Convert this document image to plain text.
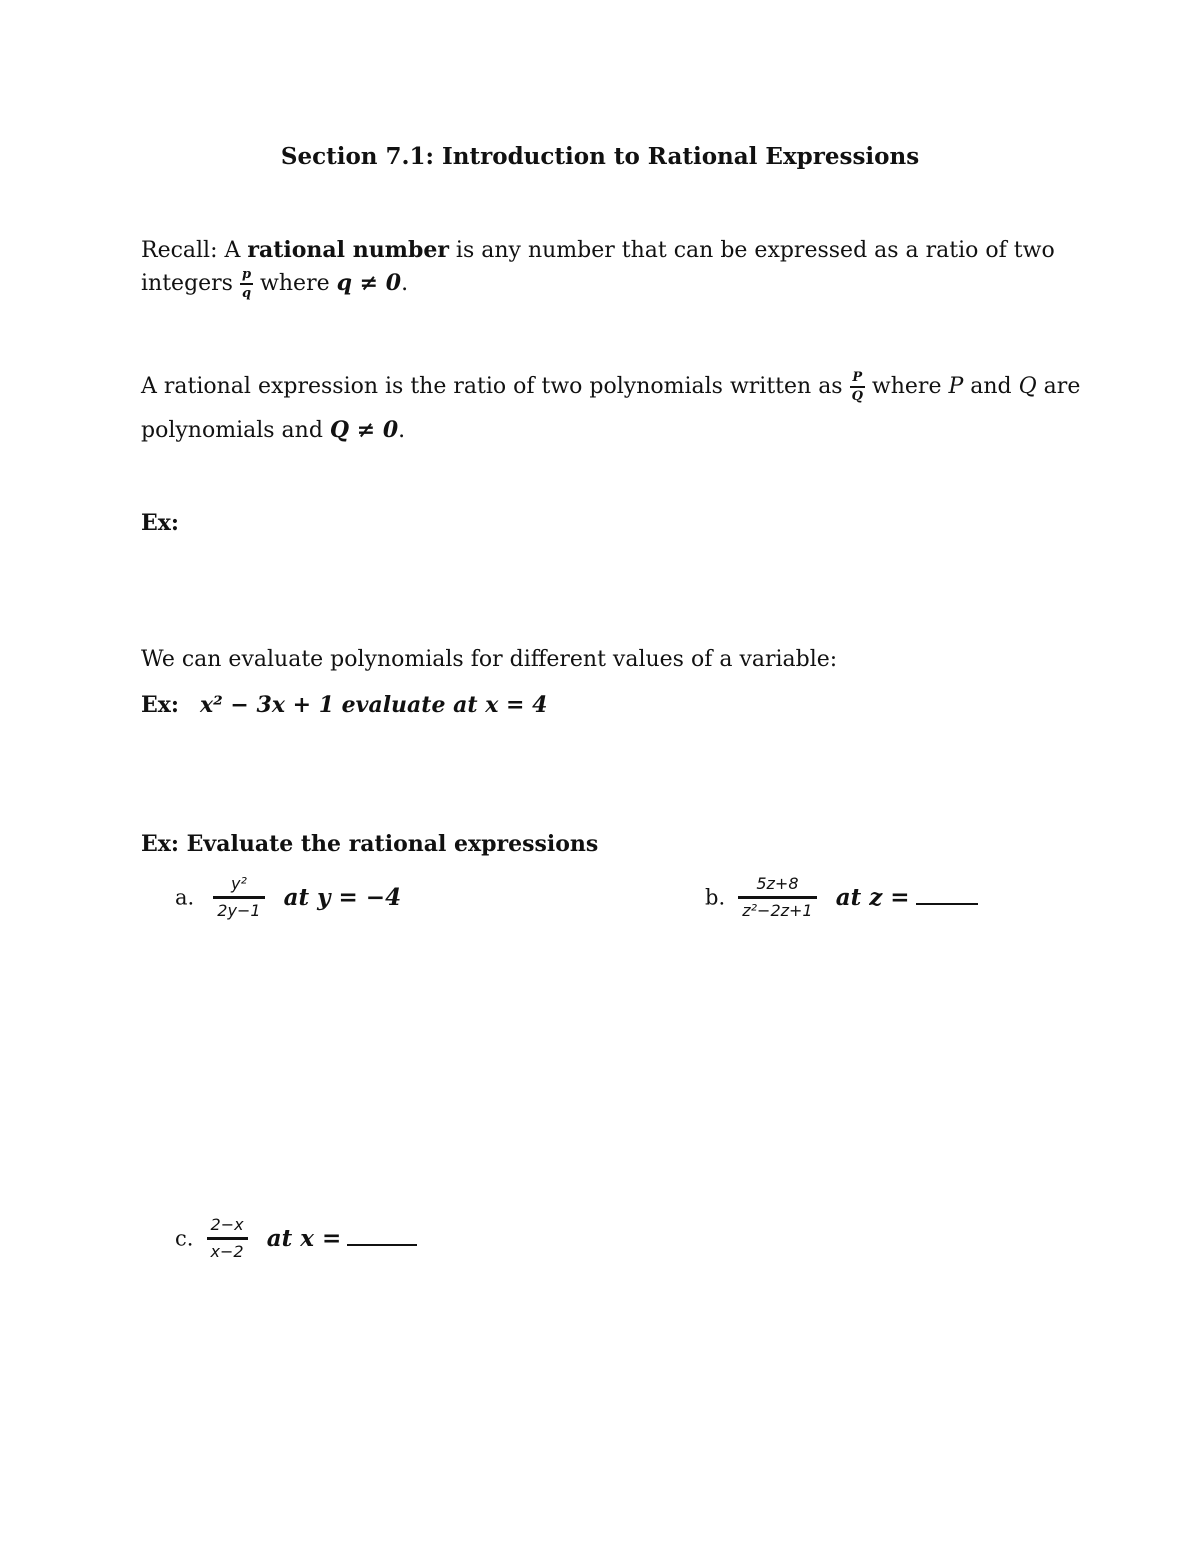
Section 7.1: Introduction to Rational Expressions
Recall: A rational number is any number that can be expressed as a ratio of two
integers $\frac{p}{q}$ where q ≠ 0.
A rational expression is the ratio of two polynomials written as $\frac{P}{Q}$ where P and Q are
polynomials and Q ≠ 0.
Ex:
We can evaluate polynomials for different values of a variable:
Ex: x² − 3x + 1 evaluate at x = 4
Ex: Evaluate the rational expressions
a. $\frac{\text{y²}}{2y-1}$ at y = −4	b. $\frac{5z+8}{\text{z²−2z+1}}$ at z =
c. $\frac{2-x}{x-2}$ at x =
